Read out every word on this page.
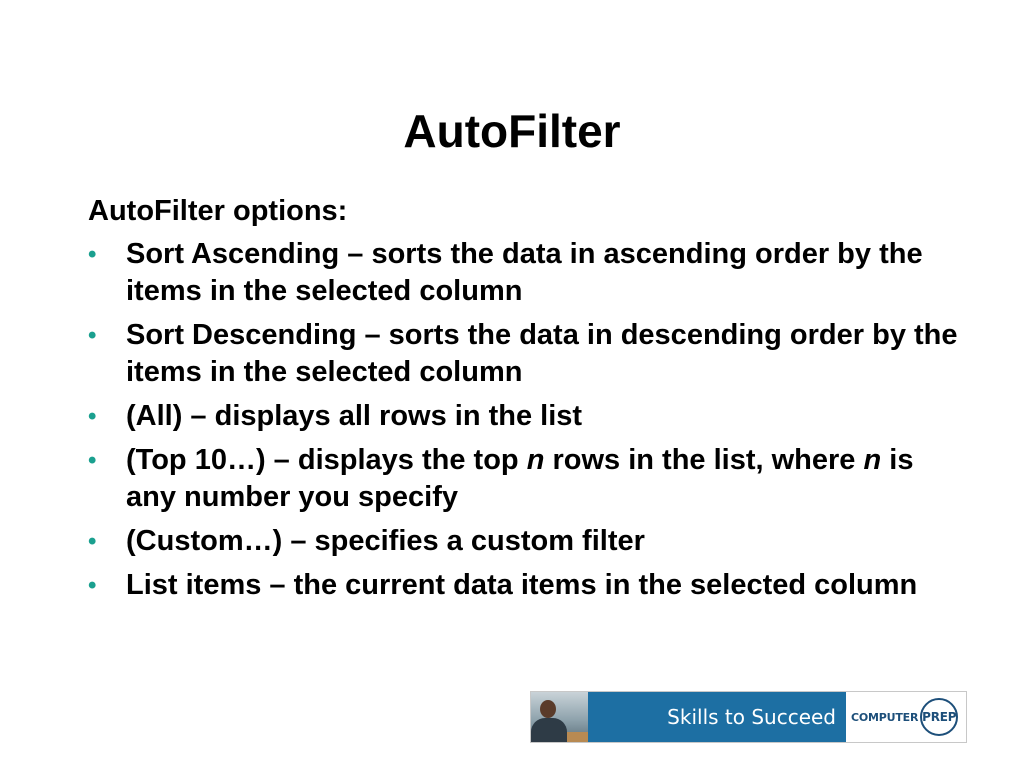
AutoFilter
AutoFilter options:
• Sort Ascending – sorts the data in ascending order by the items in the selected column
• Sort Descending – sorts the data in descending order by the items in the selected column
• (All) – displays all rows in the list
• (Top 10…) – displays the top n rows in the list, where n is any number you specify
• (Custom…) – specifies a custom filter
• List items – the current data items in the selected column
Skills to Succeed	COMPUTER PREP
